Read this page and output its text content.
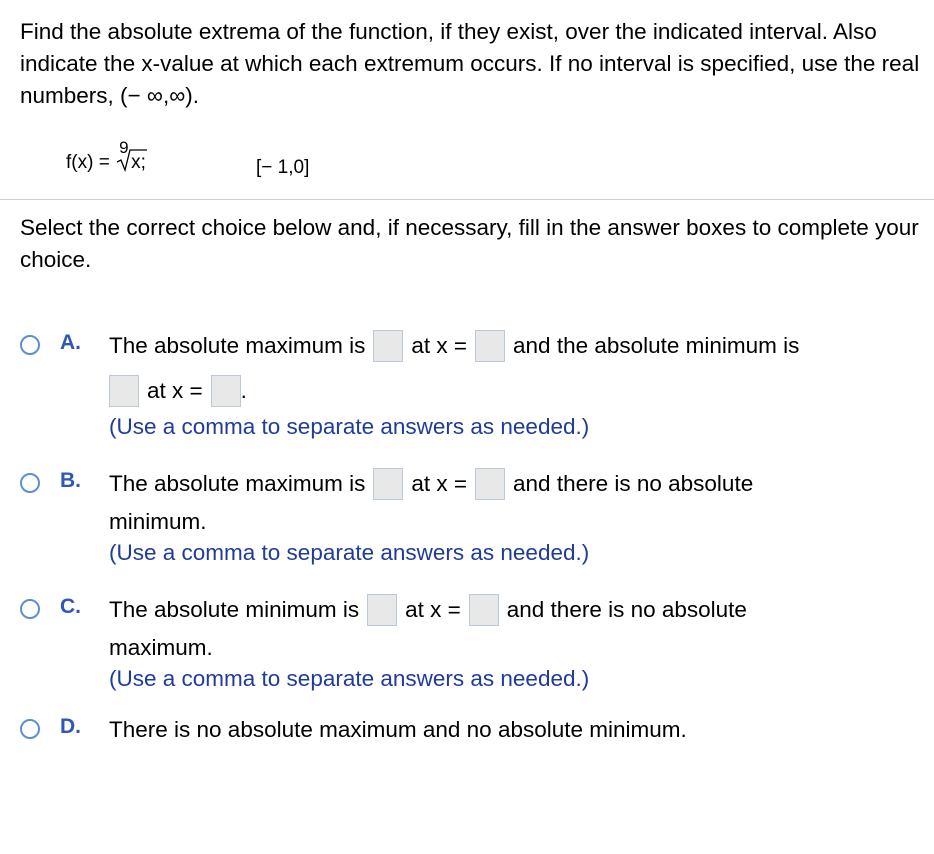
Find the absolute extrema of the function, if they exist, over the indicated interval. Also indicate the x-value at which each extremum occurs. If no interval is specified, use the real numbers, (− ∞,∞).
f(x) =
9
x;	[− 1,0]
Select the correct choice below and, if necessary, fill in the answer boxes to complete your choice.
A. The absolute maximum is at x = and the absolute minimum is
at x = .
(Use a comma to separate answers as needed.)
B. The absolute maximum is at x = and there is no absolute
minimum.
(Use a comma to separate answers as needed.)
C. The absolute minimum is at x = and there is no absolute
maximum.
(Use a comma to separate answers as needed.)
D. There is no absolute maximum and no absolute minimum.
